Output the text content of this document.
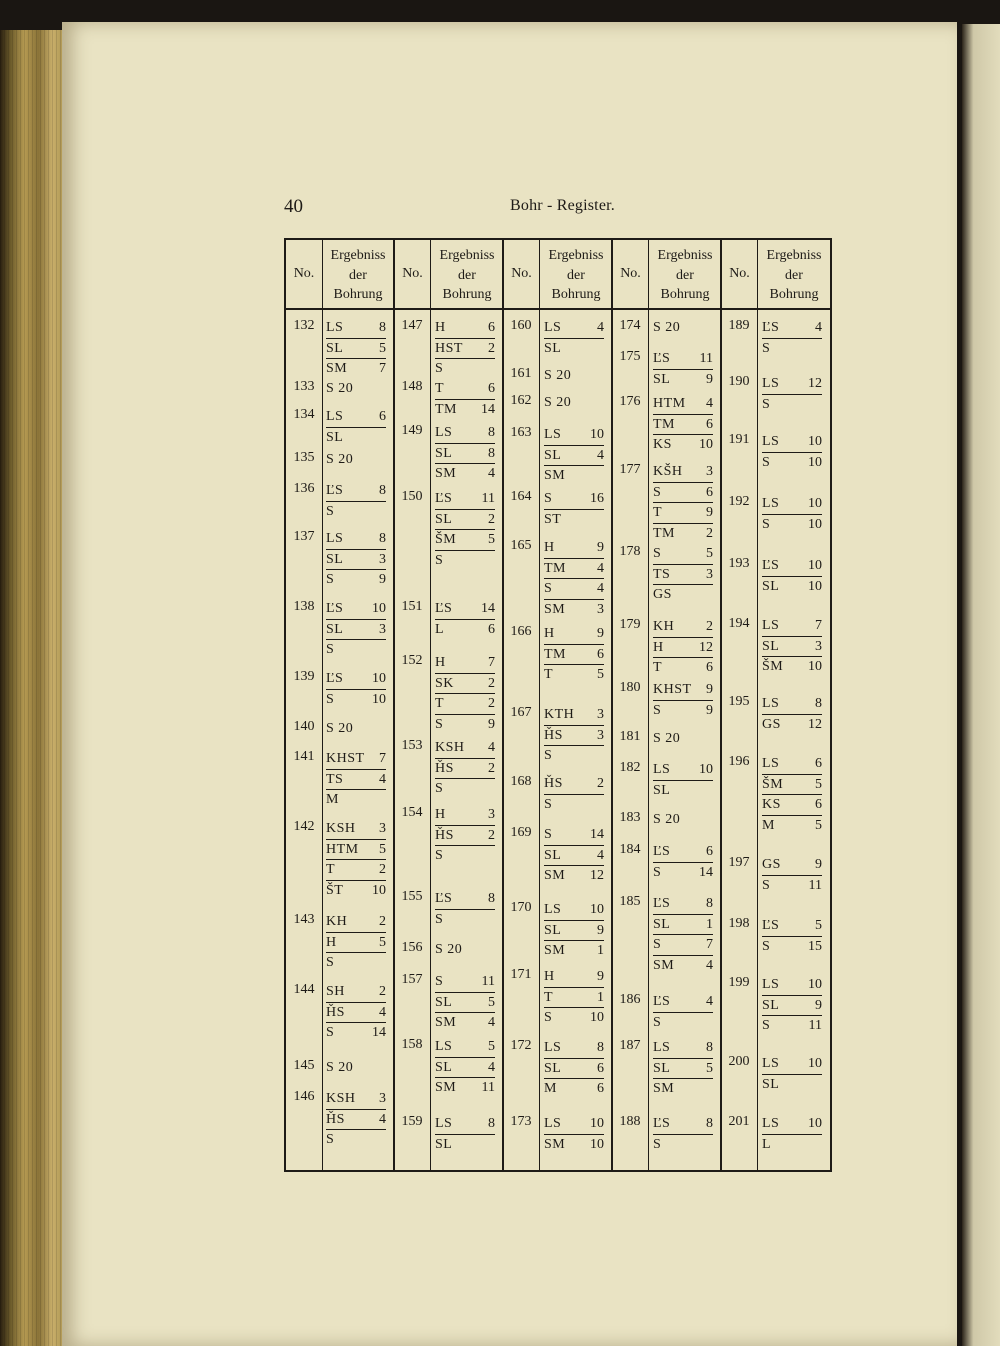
40	Bohr - Register.
No.
Ergebniss
der
Bohrung
No.
Ergebniss
der
Bohrung
No.
Ergebniss
der
Bohrung
No.
Ergebniss
der
Bohrung
No.
Ergebniss
der
Bohrung
132 LS	8
SL	5
SM	7
133 S 20
134 LS	6
SL
135 S 20
136 ĽS	8
S
137 LS	8
SL	3
S	9
138 ĽS 10
SL	3
S
139 ĽS 10
S	10
140 S 20
141 KHST	7
TS	4
M
142 KSH	3
HTM	5
T	2
ŠT 10
143 KH	2
H	5
S
144 SH	2
ȞS	4
S	14
145 S 20
146 KSH	3
ȞS	4
S
147 H	6
HST	2
S
148 T	6
TM 14
149 LS	8
SL	8
SM	4
150 ĽS 11
SL	2
ŠM	5
S
151 ĽS 14
L	6
152 H	7
SK	2
T	2
S	9
153 KSH	4
ȞS	2
S
154 H	3
ȞS	2
S
155 ĽS	8
S
156 S 20
157 S	11
SL	5
SM	4
158 LS	5
SL	4
SM 11
159 LS	8
SL
160 LS	4
SL
161 S 20
162 S 20
163 LS 10
SL	4
SM
164 S	16
ST
165 H	9
TM	4
S	4
SM	3
166 H	9
TM	6
T	5
167 KTH	3
ȞS	3
S
168 ȞS	2
S
169 S	14
SL	4
SM 12
170 LS 10
SL	9
SM	1
171 H	9
T	1
S	10
172 LS	8
SL	6
M	6
173 LS 10
SM 10
174 S 20
175 ĽS 11
SL	9
176 HTM	4
TM	6
KS 10
177 KŠH	3
S	6
T	9
TM	2
178 S	5
TS	3
GS
179 KH	2
H	12
T	6
180 KHST	9
S	9
181 S 20
182 LS 10
SL
183 S 20
184 ĽS	6
S	14
185 ĽS	8
SL	1
S	7
SM	4
186 ĽS	4
S
187 LS	8
SL	5
SM
188 ĽS	8
S
189 ĽS	4
S
190 LS 12
S
191 LS 10
S	10
192 LS 10
S	10
193 ĽS 10
SL 10
194 LS	7
SL	3
ŠM 10
195 LS	8
GS 12
196 LS	6
ŠM	5
KS	6
M	5
197 GS	9
S	11
198 ĽS	5
S	15
199 LS 10
SL	9
S	11
200 LS 10
SL
201 LS 10
L
